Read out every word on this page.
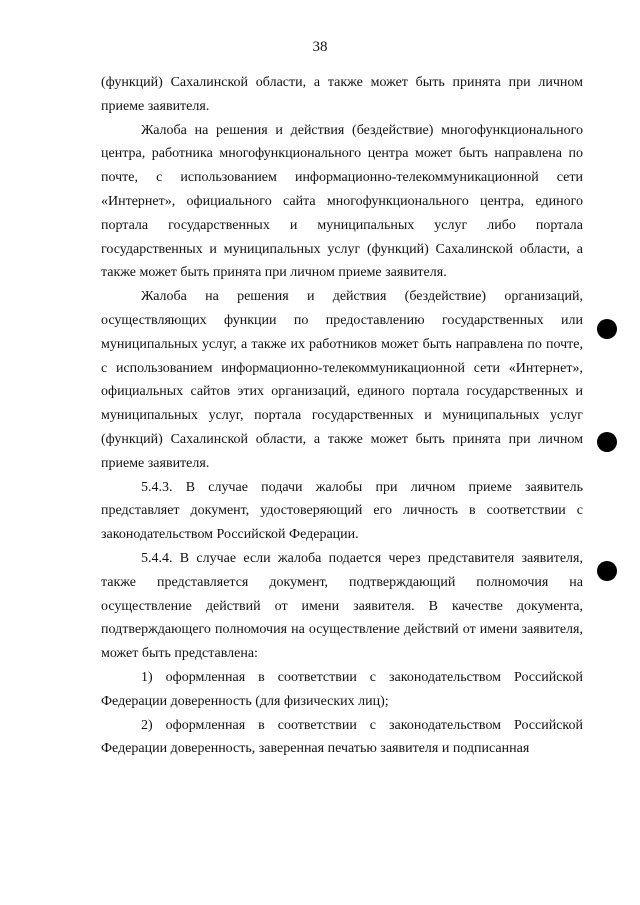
38

(функций) Сахалинской области, а также может быть принята при личном приеме заявителя.

Жалоба на решения и действия (бездействие) многофункционального центра, работника многофункционального центра может быть направлена по почте, с использованием информационно-телекоммуникационной сети «Интернет», официального сайта многофункционального центра, единого портала государственных и муниципальных услуг либо портала государственных и муниципальных услуг (функций) Сахалинской области, а также может быть принята при личном приеме заявителя.

Жалоба на решения и действия (бездействие) организаций, осуществляющих функции по предоставлению государственных или муниципальных услуг, а также их работников может быть направлена по почте, с использованием информационно-телекоммуникационной сети «Интернет», официальных сайтов этих организаций, единого портала государственных и муниципальных услуг, портала государственных и муниципальных услуг (функций) Сахалинской области, а также может быть принята при личном приеме заявителя.

5.4.3. В случае подачи жалобы при личном приеме заявитель представляет документ, удостоверяющий его личность в соответствии с законодательством Российской Федерации.

5.4.4. В случае если жалоба подается через представителя заявителя, также представляется документ, подтверждающий полномочия на осуществление действий от имени заявителя. В качестве документа, подтверждающего полномочия на осуществление действий от имени заявителя, может быть представлена:

1) оформленная в соответствии с законодательством Российской Федерации доверенность (для физических лиц);

2) оформленная в соответствии с законодательством Российской Федерации доверенность, заверенная печатью заявителя и подписанная
